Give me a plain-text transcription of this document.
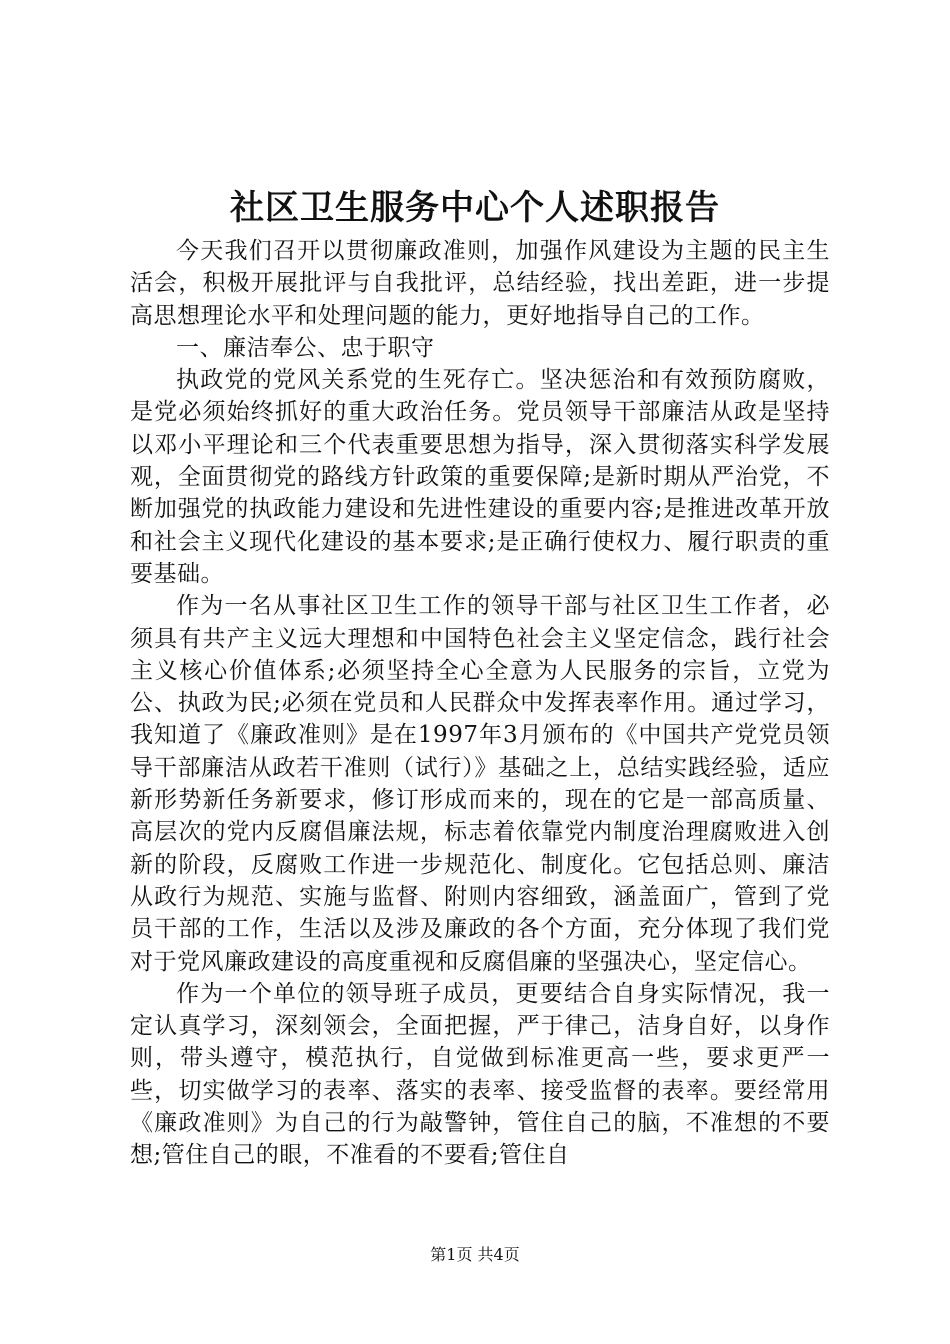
社区卫生服务中心个人述职报告

今天我们召开以贯彻廉政准则，加强作风建设为主题的民主生活会，积极开展批评与自我批评，总结经验，找出差距，进一步提高思想理论水平和处理问题的能力，更好地指导自己的工作。

一、廉洁奉公、忠于职守

执政党的党风关系党的生死存亡。坚决惩治和有效预防腐败，是党必须始终抓好的重大政治任务。党员领导干部廉洁从政是坚持以邓小平理论和三个代表重要思想为指导，深入贯彻落实科学发展观，全面贯彻党的路线方针政策的重要保障;是新时期从严治党，不断加强党的执政能力建设和先进性建设的重要内容;是推进改革开放和社会主义现代化建设的基本要求;是正确行使权力、履行职责的重要基础。

作为一名从事社区卫生工作的领导干部与社区卫生工作者，必须具有共产主义远大理想和中国特色社会主义坚定信念，践行社会主义核心价值体系;必须坚持全心全意为人民服务的宗旨，立党为公、执政为民;必须在党员和人民群众中发挥表率作用。通过学习，我知道了《廉政准则》是在1997年3月颁布的《中国共产党党员领导干部廉洁从政若干准则（试行）》基础之上，总结实践经验，适应新形势新任务新要求，修订形成而来的，现在的它是一部高质量、高层次的党内反腐倡廉法规，标志着依靠党内制度治理腐败进入创新的阶段，反腐败工作进一步规范化、制度化。它包括总则、廉洁从政行为规范、实施与监督、附则内容细致，涵盖面广，管到了党员干部的工作，生活以及涉及廉政的各个方面，充分体现了我们党对于党风廉政建设的高度重视和反腐倡廉的坚强决心，坚定信心。

作为一个单位的领导班子成员，更要结合自身实际情况，我一定认真学习，深刻领会，全面把握，严于律己，洁身自好，以身作则，带头遵守，模范执行，自觉做到标准更高一些，要求更严一些，切实做学习的表率、落实的表率、接受监督的表率。要经常用《廉政准则》为自己的行为敲警钟，管住自己的脑，不准想的不要想;管住自己的眼，不准看的不要看;管住自

第1页 共4页
